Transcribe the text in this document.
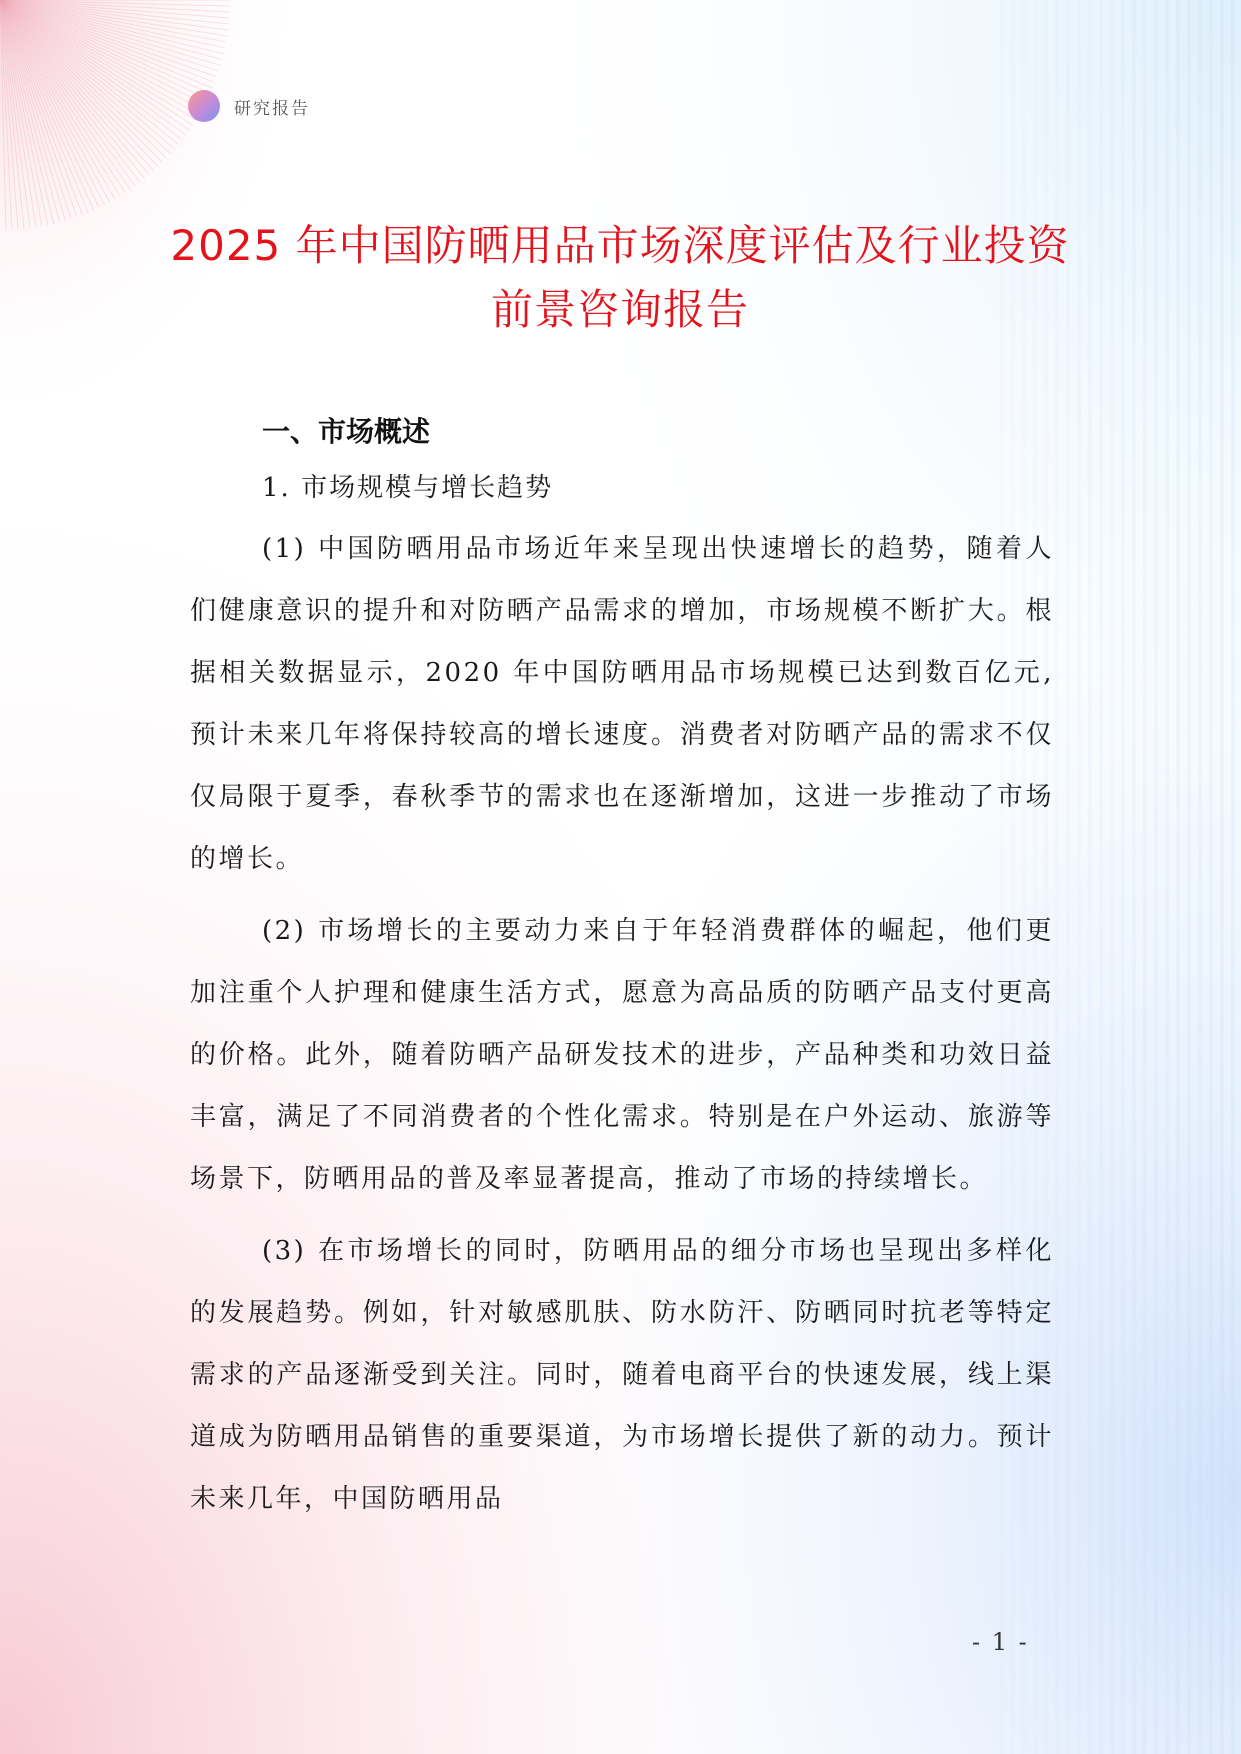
研究报告
2025 年中国防晒用品市场深度评估及行业投资前景咨询报告
一、市场概述
1. 市场规模与增长趋势

(1) 中国防晒用品市场近年来呈现出快速增长的趋势，随着人们健康意识的提升和对防晒产品需求的增加，市场规模不断扩大。根据相关数据显示，2020 年中国防晒用品市场规模已达到数百亿元,预计未来几年将保持较高的增长速度。消费者对防晒产品的需求不仅仅局限于夏季，春秋季节的需求也在逐渐增加，这进一步推动了市场的增长。

(2) 市场增长的主要动力来自于年轻消费群体的崛起，他们更加注重个人护理和健康生活方式，愿意为高品质的防晒产品支付更高的价格。此外，随着防晒产品研发技术的进步，产品种类和功效日益丰富，满足了不同消费者的个性化需求。特别是在户外运动、旅游等场景下，防晒用品的普及率显著提高，推动了市场的持续增长。

(3) 在市场增长的同时，防晒用品的细分市场也呈现出多样化的发展趋势。例如，针对敏感肌肤、防水防汗、防晒同时抗老等特定需求的产品逐渐受到关注。同时，随着电商平台的快速发展，线上渠道成为防晒用品销售的重要渠道，为市场增长提供了新的动力。预计未来几年，中国防晒用品

- 1 -
